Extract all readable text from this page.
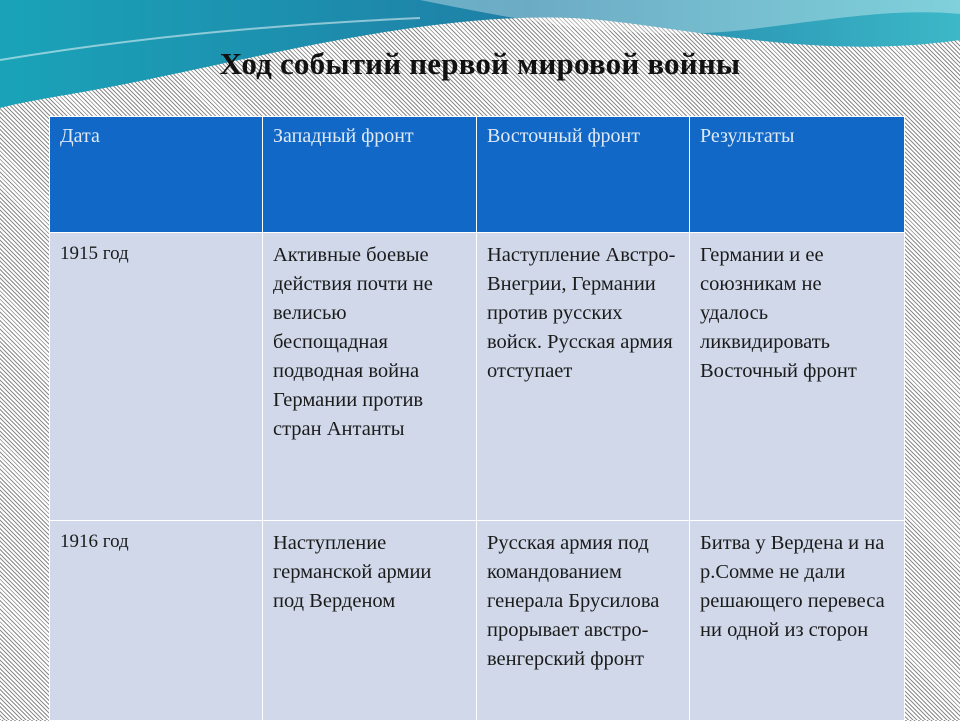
Ход событий первой мировой войны
Дата	Западный фронт	Восточный фронт	Результаты
1915 год	Активные боевые действия почти не велисью беспощадная подводная война Германии против стран Антанты	Наступление Австро-Внегрии, Германии против русских войск. Русская армия отступает	Германии и ее союзникам не удалось ликвидировать Восточный фронт
1916 год	Наступление германской армии под Верденом	Русская армия под командованием генерала Брусилова прорывает австро-венгерский фронт	Битва у Вердена и на р.Сомме не дали решающего перевеса ни одной из сторон
